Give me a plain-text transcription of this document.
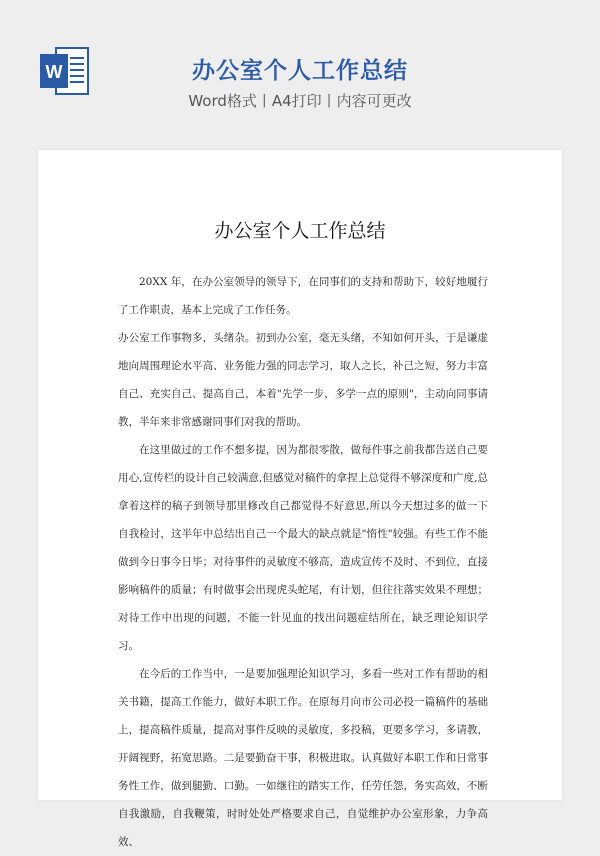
W	办公室个人工作总结
Word格式丨A4打印丨内容可更改
办公室个人工作总结

20XX 年，在办公室领导的领导下，在同事们的支持和帮助下，较好地履行了工作职责，基本上完成了工作任务。

办公室工作事物多，头绪杂。初到办公室，毫无头绪，不知如何开头，于是谦虚地向周围理论水平高、业务能力强的同志学习，取人之长，补己之短，努力丰富自己、充实自己、提高自己，本着"先学一步，多学一点的原则"，主动向同事请教，半年来非常感谢同事们对我的帮助。

在这里做过的工作不想多提，因为都很零散，做每件事之前我都告送自己要用心,宣传栏的设计自己较满意,但感觉对稿件的拿捏上总觉得不够深度和广度,总拿着这样的稿子到领导那里修改自己都觉得不好意思,所以今天想过多的做一下自我检讨，这半年中总结出自己一个最大的缺点就是"惰性"较强。有些工作不能做到今日事今日毕；对待事件的灵敏度不够高，造成宣传不及时、不到位，直接影响稿件的质量；有时做事会出现虎头蛇尾，有计划，但往往落实效果不理想；对待工作中出现的问题，不能一针见血的找出问题症结所在，缺乏理论知识学习。

在今后的工作当中，一是要加强理论知识学习，多看一些对工作有帮助的相关书籍，提高工作能力，做好本职工作。在原每月向市公司必投一篇稿件的基础上，提高稿件质量，提高对事件反映的灵敏度，多投稿，更要多学习，多请教，开阔视野，拓宽思路。二是要勤奋干事，积极进取。认真做好本职工作和日常事务性工作，做到腿勤、口勤。一如继往的踏实工作，任劳任怨，务实高效，不断自我激励，自我鞭策，时时处处严格要求自己，自觉维护办公室形象，力争高效、
